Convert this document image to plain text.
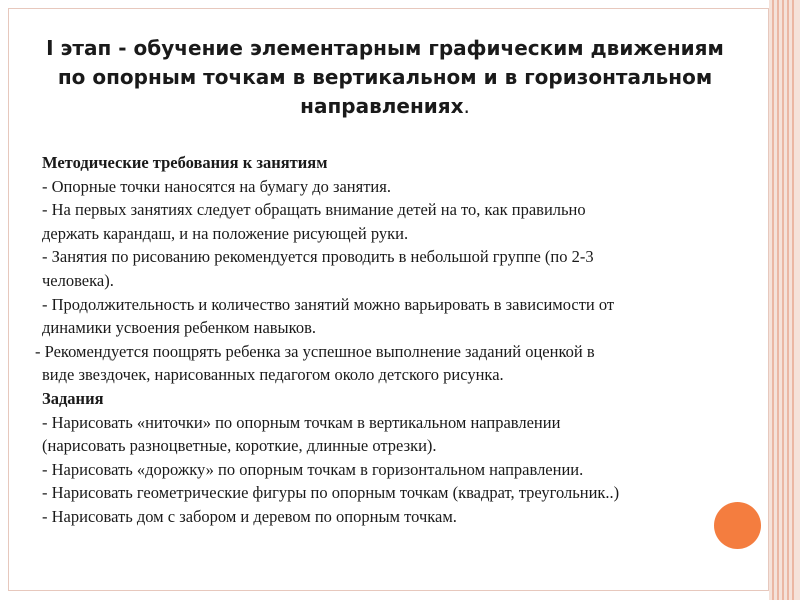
I этап - обучение элементарным графическим движениям по опорным точкам в вертикальном и в горизонтальном направлениях.
Методические требования к занятиям
- Опорные точки наносятся на бумагу до занятия.
- На первых занятиях следует обращать внимание детей на то, как правильно
держать карандаш, и на положение рисующей руки.
- Занятия по рисованию рекомендуется проводить в небольшой группе (по 2-3
человека).
- Продолжительность и количество занятий можно варьировать в зависимости от
динамики усвоения ребенком навыков.
- Рекомендуется поощрять ребенка за успешное выполнение заданий оценкой в
виде звездочек, нарисованных педагогом около детского рисунка.
Задания
- Нарисовать «ниточки» по опорным точкам в вертикальном направлении
(нарисовать разноцветные, короткие, длинные отрезки).
- Нарисовать «дорожку» по опорным точкам в горизонтальном направлении.
- Нарисовать геометрические фигуры по опорным точкам (квадрат, треугольник..)
- Нарисовать дом с забором и деревом по опорным точкам.
